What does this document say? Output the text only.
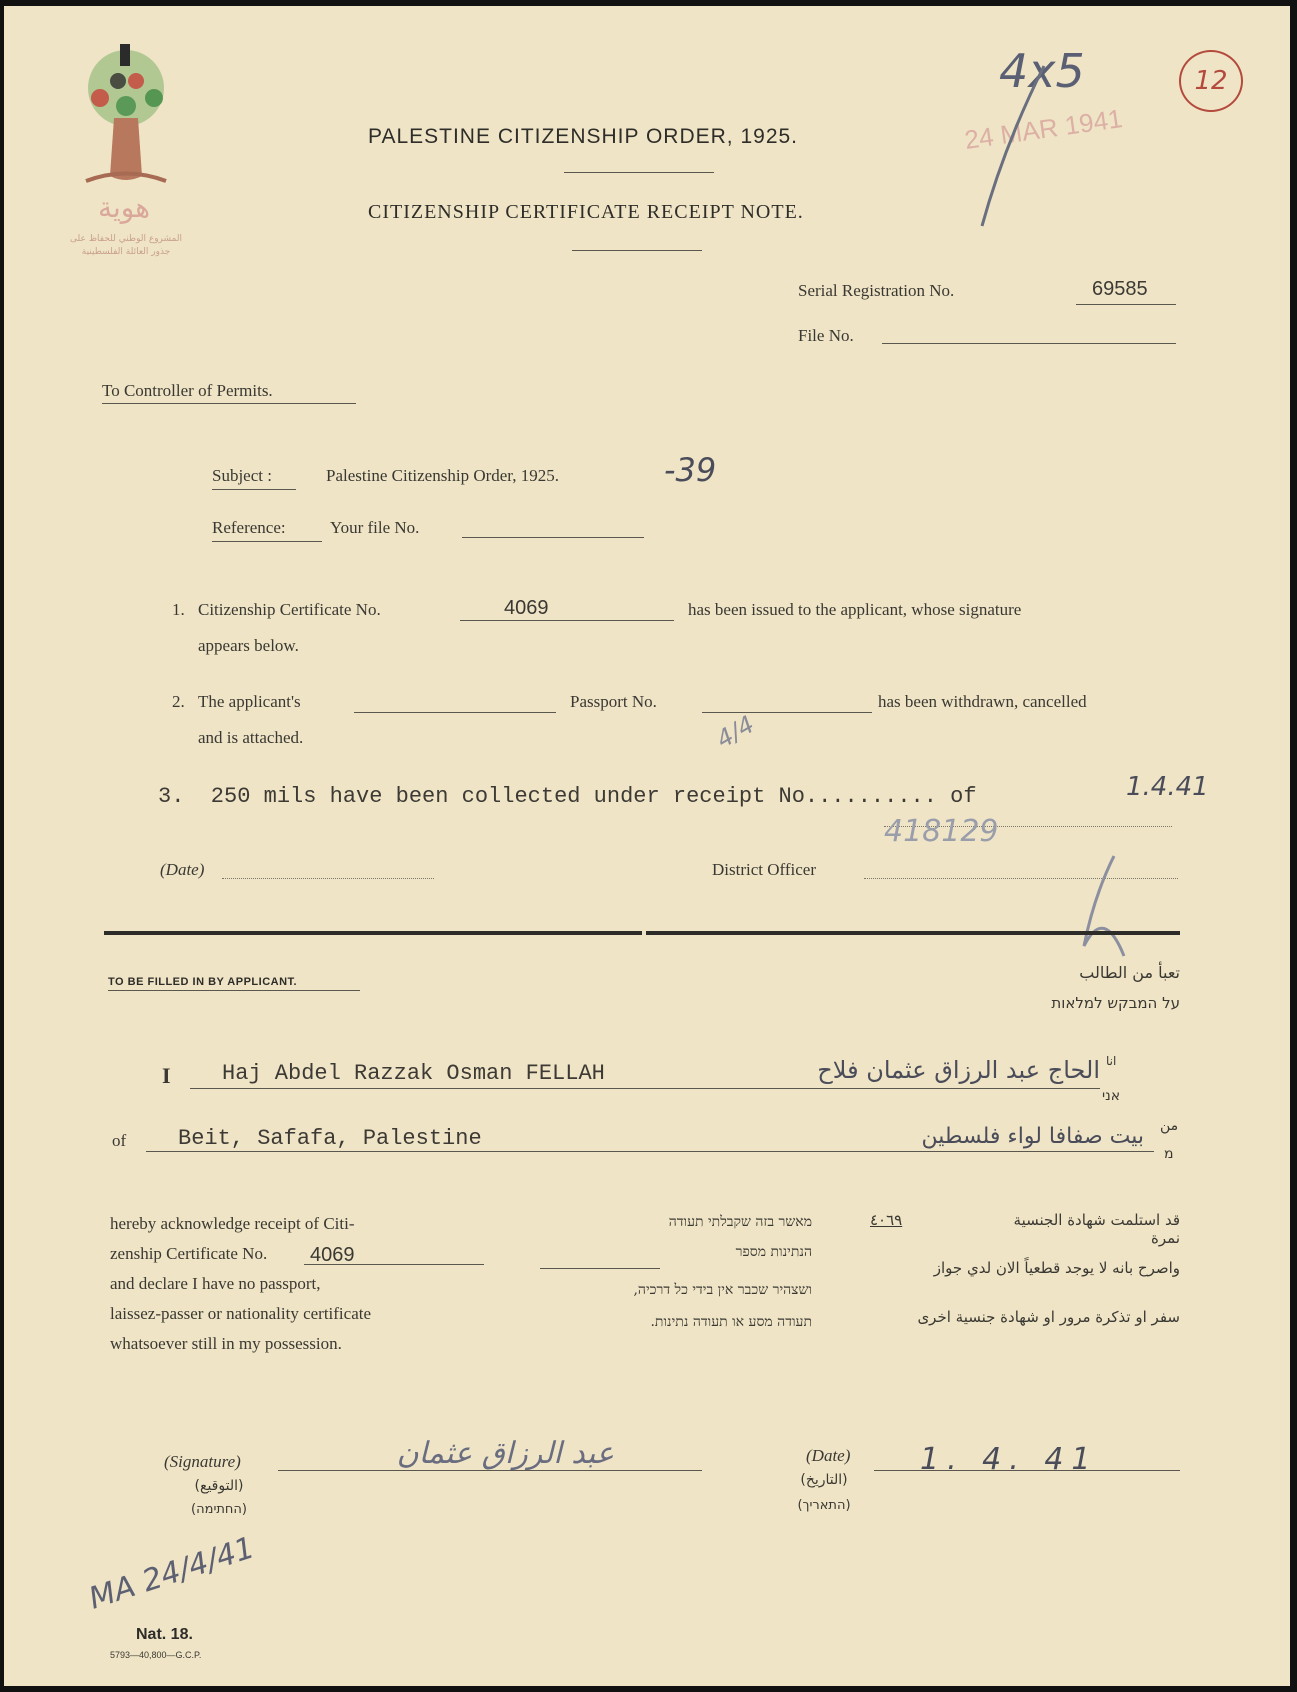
هوية
المشروع الوطني للحفاظ على
جذور العائلة الفلسطينية
PALESTINE CITIZENSHIP ORDER, 1925.
CITIZENSHIP CERTIFICATE RECEIPT NOTE.
4x5
24 MAR 1941
12
Serial Registration No.	69585
File No.
To Controller of Permits.
Subject :	Palestine Citizenship Order, 1925.	-39
Reference:	Your file No.
1. Citizenship Certificate No.	4069	has been issued to the applicant, whose signature
appears below.
2. The applicant's	Passport No.	has been withdrawn, cancelled
and is attached.	4/4
3.  250 mils have been collected under receipt No.......... of	1.4.41
418129
(Date)	District Officer
TO BE FILLED IN BY APPLICANT.	تعبأ من الطالب
על המבקש למלאות
I Haj Abdel Razzak Osman FELLAH	الحاج عبد الرزاق عثمان فلاح انا
אני
of Beit, Safafa, Palestine	بيت صفافا لواء فلسطين من
מ
hereby acknowledge receipt of Citi-
zenship Certificate No. 4069
and declare I have no passport,
laissez-passer or nationality certificate
whatsoever still in my possession.
מאשר בזה שקבלתי תעודה
הנתינות מספר
ושצהיר שכבר אין בידי כל דרכיה,
תעודה מסע או תעודה נתינות.
قد استلمت شهادة الجنسية نمرة
٤٠٦٩
واصرح بانه لا يوجد قطعياً الان لدي جواز
سفر او تذكرة مرور او شهادة جنسية اخرى
(Signature)
(التوقيع)
(החתימה)
عبد الرزاق عثمان	(Date)
(التاريخ)
(התאריך)
1. 4. 41
MA 24/4/41
Nat. 18.
5793—40,800—G.C.P.
